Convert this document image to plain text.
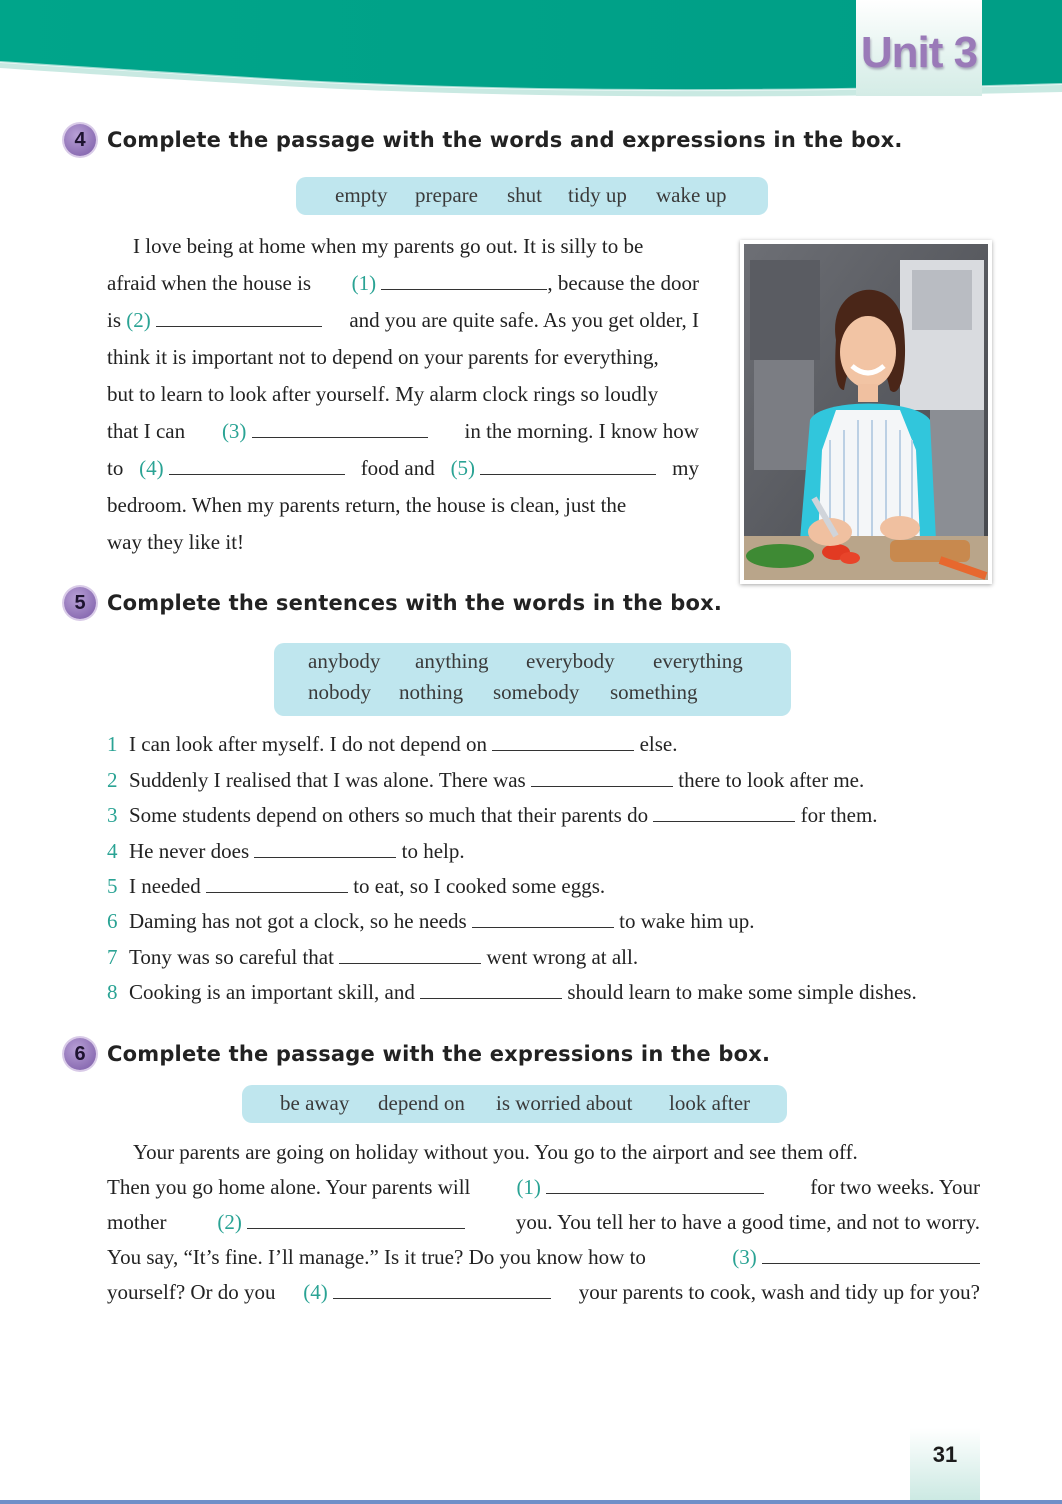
Unit 3
4	Complete the passage with the words and expressions in the box.
empty prepare shut tidy up wake up
I love being at home when my parents go out. It is silly to be
afraid when the house is (1)	, because the door
is (2)	and you are quite safe. As you get older, I
think it is important not to depend on your parents for everything,
but to learn to look after yourself. My alarm clock rings so loudly
that I can (3)	in the morning. I know how
to (4)	food and (5)	my
bedroom. When my parents return, the house is clean, just the
way they like it!
5	Complete the sentences with the words in the box.
anybody anything everybody everything
nobody nothing somebody something
1 I can look after myself. I do not depend on	else.
2 Suddenly I realised that I was alone. There was	there to look after me.
3 Some students depend on others so much that their parents do	for them.
4 He never does	to help.
5 I needed	to eat, so I cooked some eggs.
6 Daming has not got a clock, so he needs	to wake him up.
7 Tony was so careful that	went wrong at all.
8 Cooking is an important skill, and	should learn to make some simple dishes.
6	Complete the passage with the expressions in the box.
be away depend on is worried about look after
Your parents are going on holiday without you. You go to the airport and see them off.
Then you go home alone. Your parents will (1)	for two weeks. Your
mother (2)	you. You tell her to have a good time, and not to worry.
You say, “It’s fine. I’ll manage.” Is it true? Do you know how to	(3)
yourself? Or do you (4)	your parents to cook, wash and tidy up for you?
31
